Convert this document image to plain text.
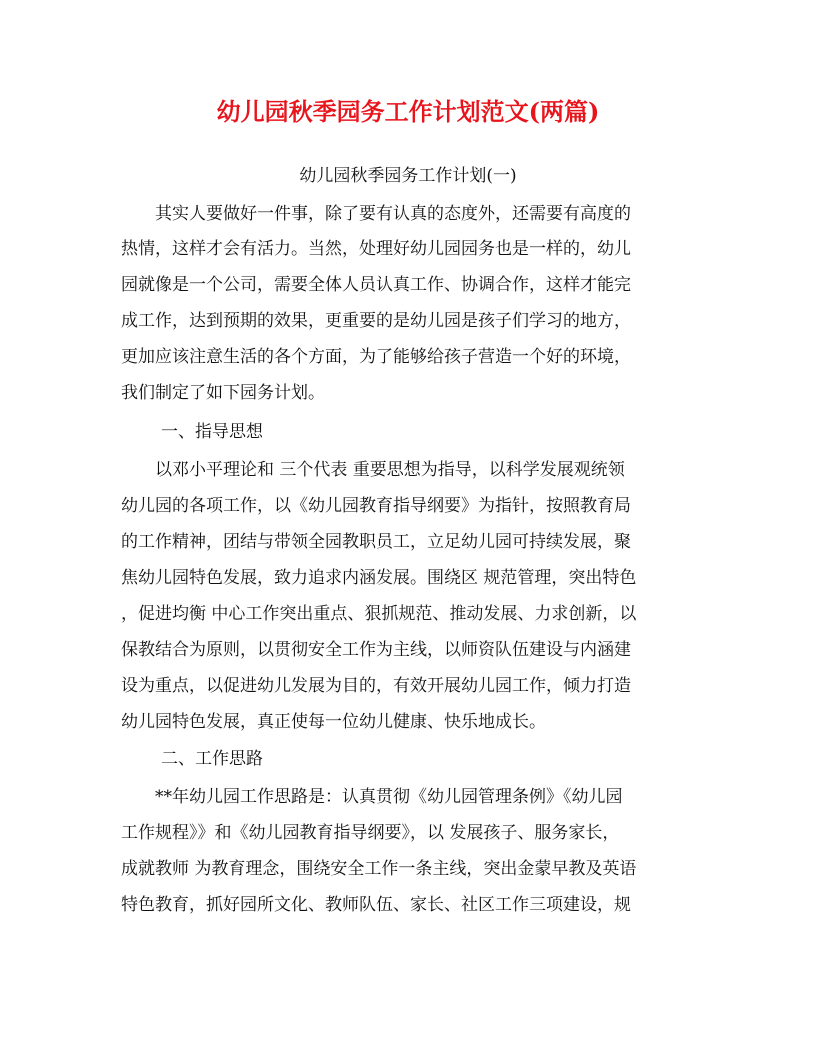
幼儿园秋季园务工作计划范文(两篇)
幼儿园秋季园务工作计划(一)
　　其实人要做好一件事，除了要有认真的态度外，还需要有高度的
热情，这样才会有活力。当然，处理好幼儿园园务也是一样的，幼儿
园就像是一个公司，需要全体人员认真工作、协调合作，这样才能完
成工作，达到预期的效果，更重要的是幼儿园是孩子们学习的地方，
更加应该注意生活的各个方面，为了能够给孩子营造一个好的环境，
我们制定了如下园务计划。
一、指导思想
　　以邓小平理论和 三个代表 重要思想为指导，以科学发展观统领
幼儿园的各项工作，以《幼儿园教育指导纲要》为指针，按照教育局
的工作精神，团结与带领全园教职员工，立足幼儿园可持续发展，聚
焦幼儿园特色发展，致力追求内涵发展。围绕区 规范管理，突出特色
，促进均衡 中心工作突出重点、狠抓规范、推动发展、力求创新，以
保教结合为原则，以贯彻安全工作为主线，以师资队伍建设与内涵建
设为重点，以促进幼儿发展为目的，有效开展幼儿园工作，倾力打造
幼儿园特色发展，真正使每一位幼儿健康、快乐地成长。
二、工作思路
　　**年幼儿园工作思路是：认真贯彻《幼儿园管理条例》《幼儿园
工作规程》》和《幼儿园教育指导纲要》，以 发展孩子、服务家长，
成就教师 为教育理念，围绕安全工作一条主线，突出金蒙早教及英语
特色教育，抓好园所文化、教师队伍、家长、社区工作三项建设，规
